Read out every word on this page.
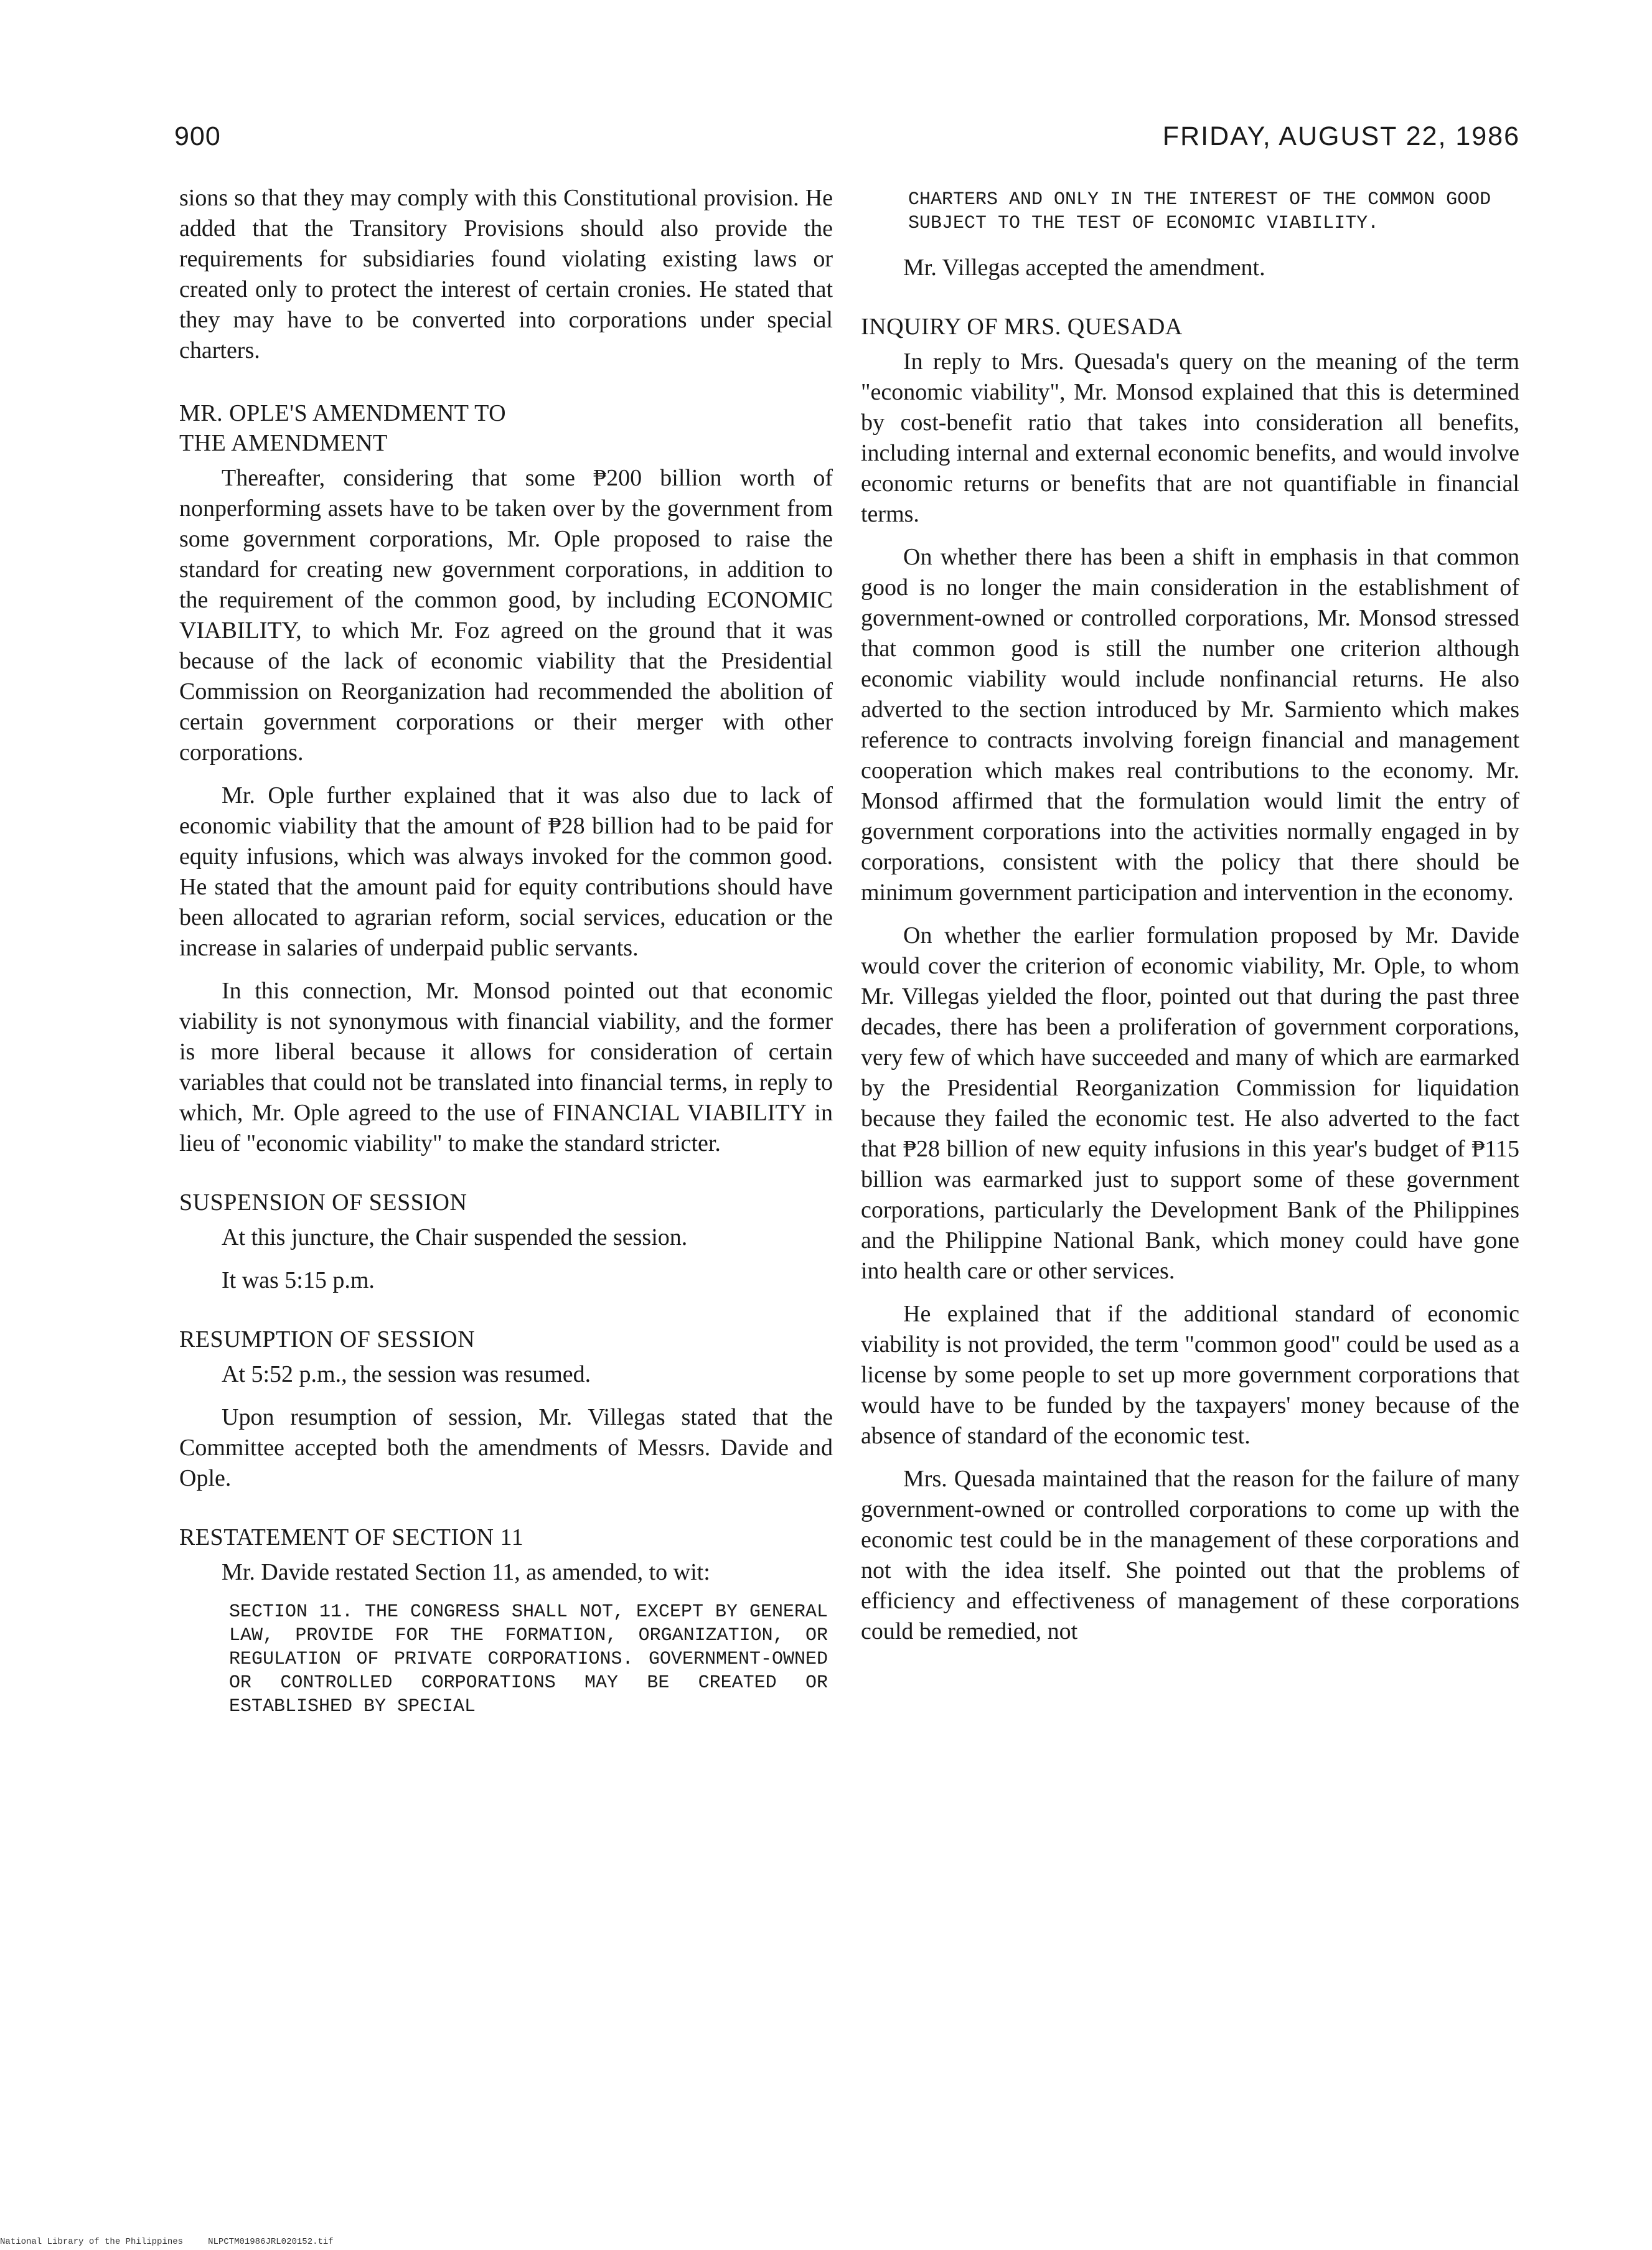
900	FRIDAY, AUGUST 22, 1986

sions so that they may comply with this Constitutional provision. He added that the Transitory Provisions should also provide the requirements for subsidiaries found violating existing laws or created only to protect the interest of certain cronies. He stated that they may have to be converted into corporations under special charters.

MR. OPLE'S AMENDMENT TO
THE AMENDMENT

Thereafter, considering that some ₱200 billion worth of nonperforming assets have to be taken over by the government from some government corporations, Mr. Ople proposed to raise the standard for creating new government corporations, in addition to the requirement of the common good, by including ECONOMIC VIABILITY, to which Mr. Foz agreed on the ground that it was because of the lack of economic viability that the Presidential Commission on Reorganization had recommended the abolition of certain government corporations or their merger with other corporations.

Mr. Ople further explained that it was also due to lack of economic viability that the amount of ₱28 billion had to be paid for equity infusions, which was always invoked for the common good. He stated that the amount paid for equity contributions should have been allocated to agrarian reform, social services, education or the increase in salaries of underpaid public servants.

In this connection, Mr. Monsod pointed out that economic viability is not synonymous with financial viability, and the former is more liberal because it allows for consideration of certain variables that could not be translated into financial terms, in reply to which, Mr. Ople agreed to the use of FINANCIAL VIABILITY in lieu of "economic viability" to make the standard stricter.

SUSPENSION OF SESSION

At this juncture, the Chair suspended the session.

It was 5:15 p.m.

RESUMPTION OF SESSION

At 5:52 p.m., the session was resumed.

Upon resumption of session, Mr. Villegas stated that the Committee accepted both the amendments of Messrs. Davide and Ople.

RESTATEMENT OF SECTION 11

Mr. Davide restated Section 11, as amended, to wit:

SECTION 11. THE CONGRESS SHALL NOT, EXCEPT BY GENERAL LAW, PROVIDE FOR THE FORMATION, ORGANIZATION, OR REGULATION OF PRIVATE CORPORATIONS. GOVERNMENT-OWNED OR CONTROLLED CORPORATIONS MAY BE CREATED OR ESTABLISHED BY SPECIAL
CHARTERS AND ONLY IN THE INTEREST OF THE COMMON GOOD SUBJECT TO THE TEST OF ECONOMIC VIABILITY.

Mr. Villegas accepted the amendment.

INQUIRY OF MRS. QUESADA

In reply to Mrs. Quesada's query on the meaning of the term "economic viability", Mr. Monsod explained that this is determined by cost-benefit ratio that takes into consideration all benefits, including internal and external economic benefits, and would involve economic returns or benefits that are not quantifiable in financial terms.

On whether there has been a shift in emphasis in that common good is no longer the main consideration in the establishment of government-owned or controlled corporations, Mr. Monsod stressed that common good is still the number one criterion although economic viability would include nonfinancial returns. He also adverted to the section introduced by Mr. Sarmiento which makes reference to contracts involving foreign financial and management cooperation which makes real contributions to the economy. Mr. Monsod affirmed that the formulation would limit the entry of government corporations into the activities normally engaged in by corporations, consistent with the policy that there should be minimum government participation and intervention in the economy.

On whether the earlier formulation proposed by Mr. Davide would cover the criterion of economic viability, Mr. Ople, to whom Mr. Villegas yielded the floor, pointed out that during the past three decades, there has been a proliferation of government corporations, very few of which have succeeded and many of which are earmarked by the Presidential Reorganization Commission for liquidation because they failed the economic test. He also adverted to the fact that ₱28 billion of new equity infusions in this year's budget of ₱115 billion was earmarked just to support some of these government corporations, particularly the Development Bank of the Philippines and the Philippine National Bank, which money could have gone into health care or other services.

He explained that if the additional standard of economic viability is not provided, the term "common good" could be used as a license by some people to set up more government corporations that would have to be funded by the taxpayers' money because of the absence of standard of the economic test.

Mrs. Quesada maintained that the reason for the failure of many government-owned or controlled corporations to come up with the economic test could be in the management of these corporations and not with the idea itself. She pointed out that the problems of efficiency and effectiveness of management of these corporations could be remedied, not

National Library of the Philippines	NLPCTM01986JRL020152.tif
